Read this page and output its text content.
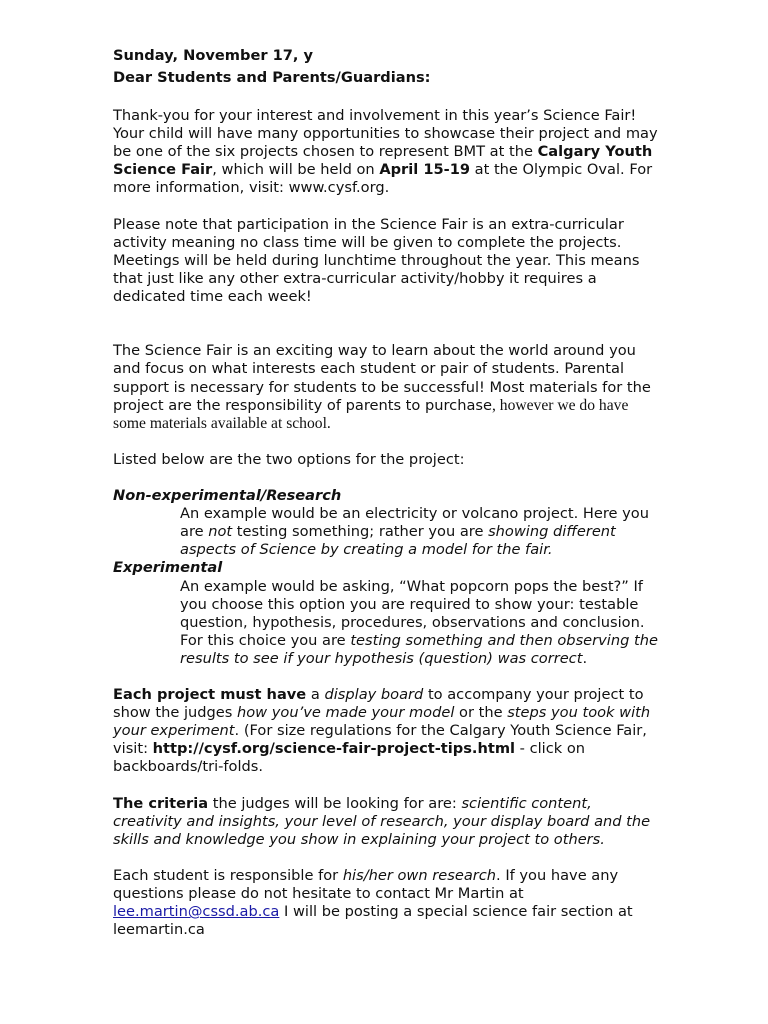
Sunday, November 17, y

Dear Students and Parents/Guardians:

Thank-you for your interest and involvement in this year’s Science Fair! Your child will have many opportunities to showcase their project and may be one of the six projects chosen to represent BMT at the Calgary Youth Science Fair, which will be held on April 15-19 at the Olympic Oval. For more information, visit: www.cysf.org.

Please note that participation in the Science Fair is an extra-curricular activity meaning no class time will be given to complete the projects. Meetings will be held during lunchtime throughout the year. This means that just like any other extra-curricular activity/hobby it requires a dedicated time each week!

The Science Fair is an exciting way to learn about the world around you and focus on what interests each student or pair of students. Parental support is necessary for students to be successful! Most materials for the project are the responsibility of parents to purchase, however we do have some materials available at school.

Listed below are the two options for the project:

Non-experimental/Research

An example would be an electricity or volcano project. Here you are not testing something; rather you are showing different aspects of Science by creating a model for the fair.

Experimental

An example would be asking, “What popcorn pops the best?” If you choose this option you are required to show your: testable question, hypothesis, procedures, observations and conclusion. For this choice you are testing something and then observing the results to see if your hypothesis (question) was correct.

Each project must have a display board to accompany your project to show the judges how you’ve made your model or the steps you took with your experiment. (For size regulations for the Calgary Youth Science Fair, visit: http://cysf.org/science-fair-project-tips.html - click on backboards/tri-folds.

The criteria the judges will be looking for are: scientific content, creativity and insights, your level of research, your display board and the skills and knowledge you show in explaining your project to others.

Each student is responsible for his/her own research. If you have any questions please do not hesitate to contact Mr Martin at lee.martin@cssd.ab.ca I will be posting a special science fair section at leemartin.ca
